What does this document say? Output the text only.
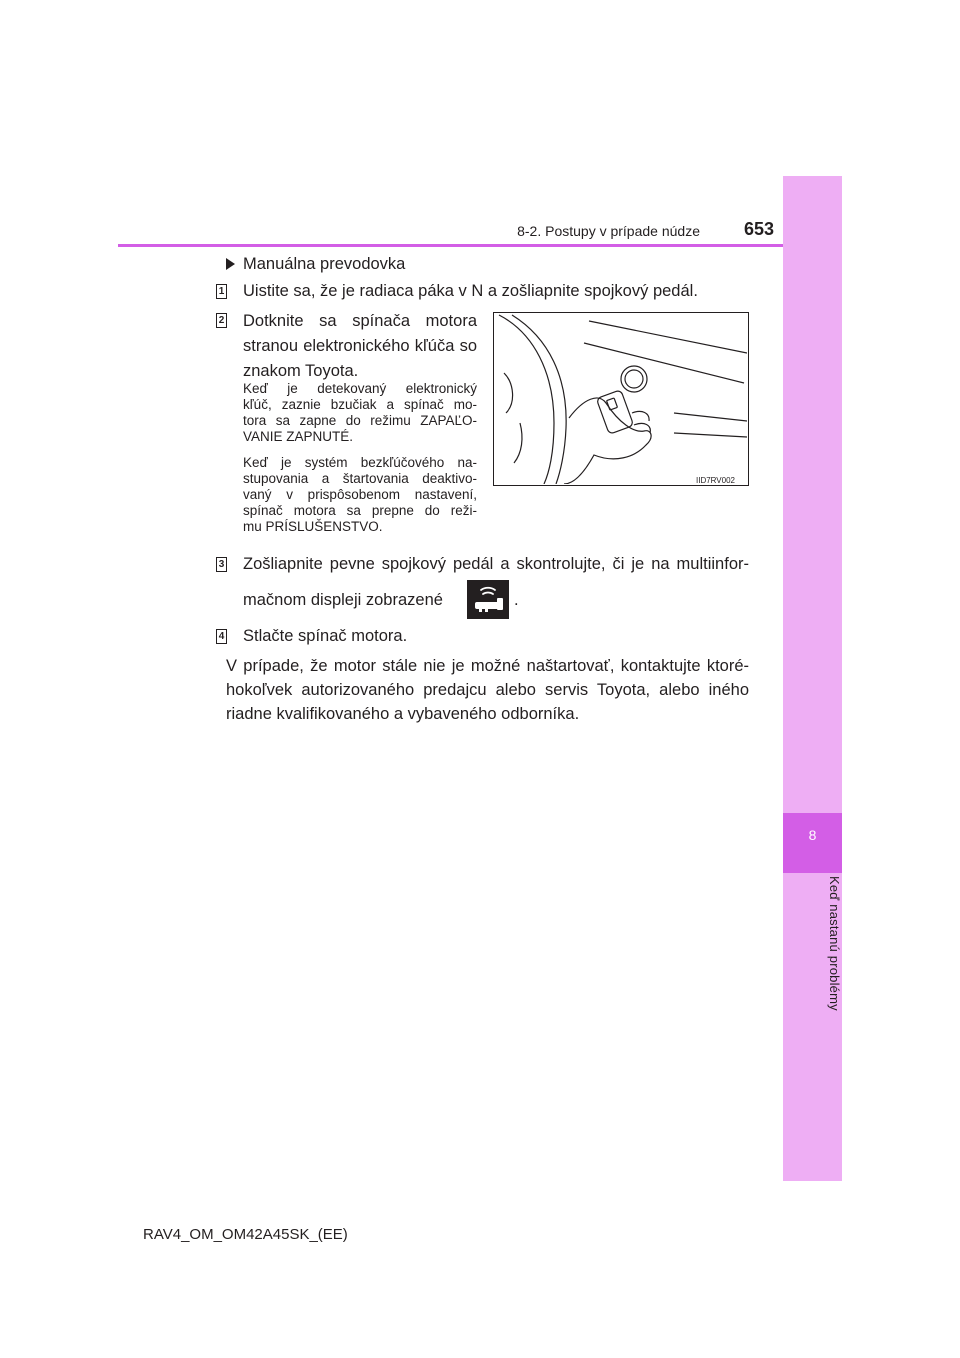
8
Keď nastanú problémy
8-2. Postupy v prípade núdze	653
Manuálna prevodovka
1 Uistite sa, že je radiaca páka v N a zošliapnite spojkový pedál.
2 Dotknite sa spínača motora
stranou elektronického kľúča so
znakom Toyota.
Keď je detekovaný elektronický
kľúč, zaznie bzučiak a spínač mo-
tora sa zapne do režimu ZAPAĽO-
VANIE ZAPNUTÉ.
Keď je systém bezkľúčového na-
stupovania a štartovania deaktivo-
vaný v prispôsobenom nastavení,
spínač motora sa prepne do reži-
mu PRÍSLUŠENSTVO.
IID7RV002
3 Zošliapnite pevne spojkový pedál a skontrolujte, či je na multiinfor-
mačnom displeji zobrazené	.
4 Stlačte spínač motora.
V prípade, že motor stále nie je možné naštartovať, kontaktujte ktoré-
hokoľvek autorizovaného predajcu alebo servis Toyota, alebo iného
riadne kvalifikovaného a vybaveného odborníka.
RAV4_OM_OM42A45SK_(EE)
